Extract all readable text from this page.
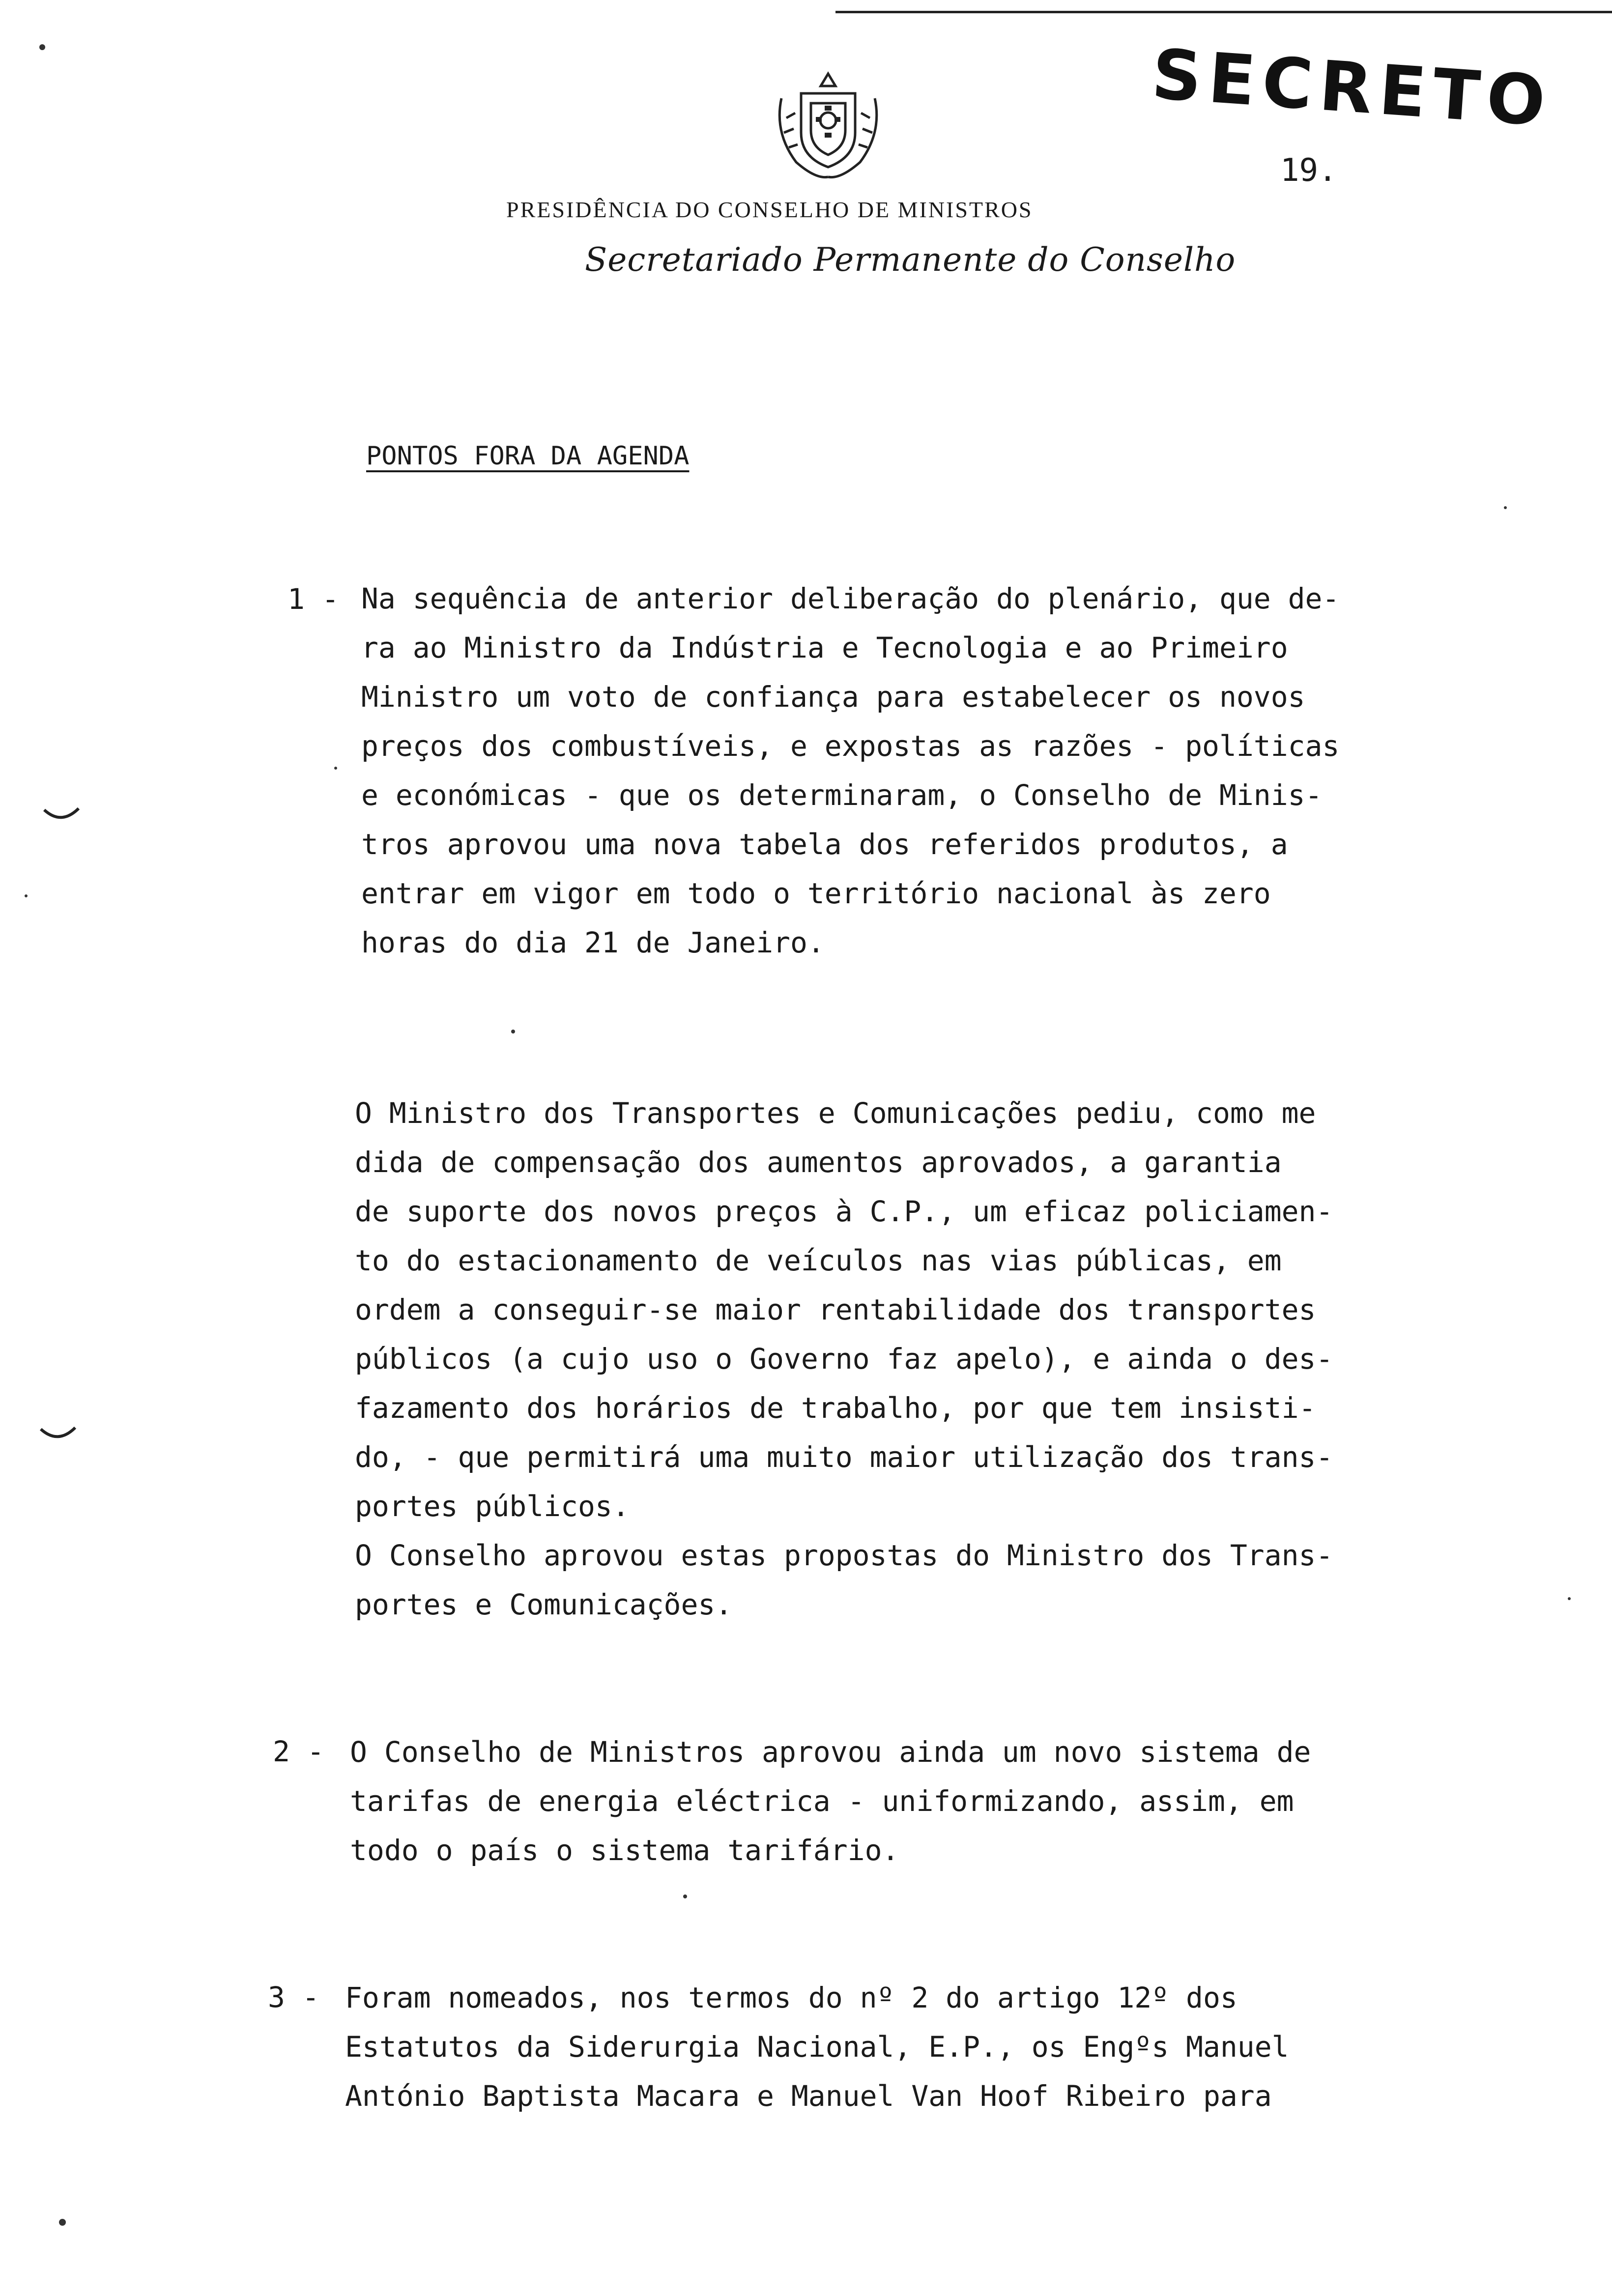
SECRETO
19.
PRESIDÊNCIA DO CONSELHO DE MINISTROS
Secretariado Permanente do Conselho
PONTOS FORA DA AGENDA
1 - Na sequência de anterior deliberação do plenário, que de-
ra ao Ministro da Indústria e Tecnologia e ao Primeiro
Ministro um voto de confiança para estabelecer os novos
preços dos combustíveis, e expostas as razões - políticas
e económicas - que os determinaram, o Conselho de Minis-
tros aprovou uma nova tabela dos referidos produtos, a
entrar em vigor em todo o território nacional às zero
horas do dia 21 de Janeiro.
O Ministro dos Transportes e Comunicações pediu, como me
dida de compensação dos aumentos aprovados, a garantia
de suporte dos novos preços à C.P., um eficaz policiamen-
to do estacionamento de veículos nas vias públicas, em
ordem a conseguir-se maior rentabilidade dos transportes
públicos (a cujo uso o Governo faz apelo), e ainda o des-
fazamento dos horários de trabalho, por que tem insisti-
do, - que permitirá uma muito maior utilização dos trans-
portes públicos.
O Conselho aprovou estas propostas do Ministro dos Trans-
portes e Comunicações.
2 - O Conselho de Ministros aprovou ainda um novo sistema de
tarifas de energia eléctrica - uniformizando, assim, em
todo o país o sistema tarifário.
3 - Foram nomeados, nos termos do nº 2 do artigo 12º dos
Estatutos da Siderurgia Nacional, E.P., os Engºs Manuel
António Baptista Macara e Manuel Van Hoof Ribeiro para
